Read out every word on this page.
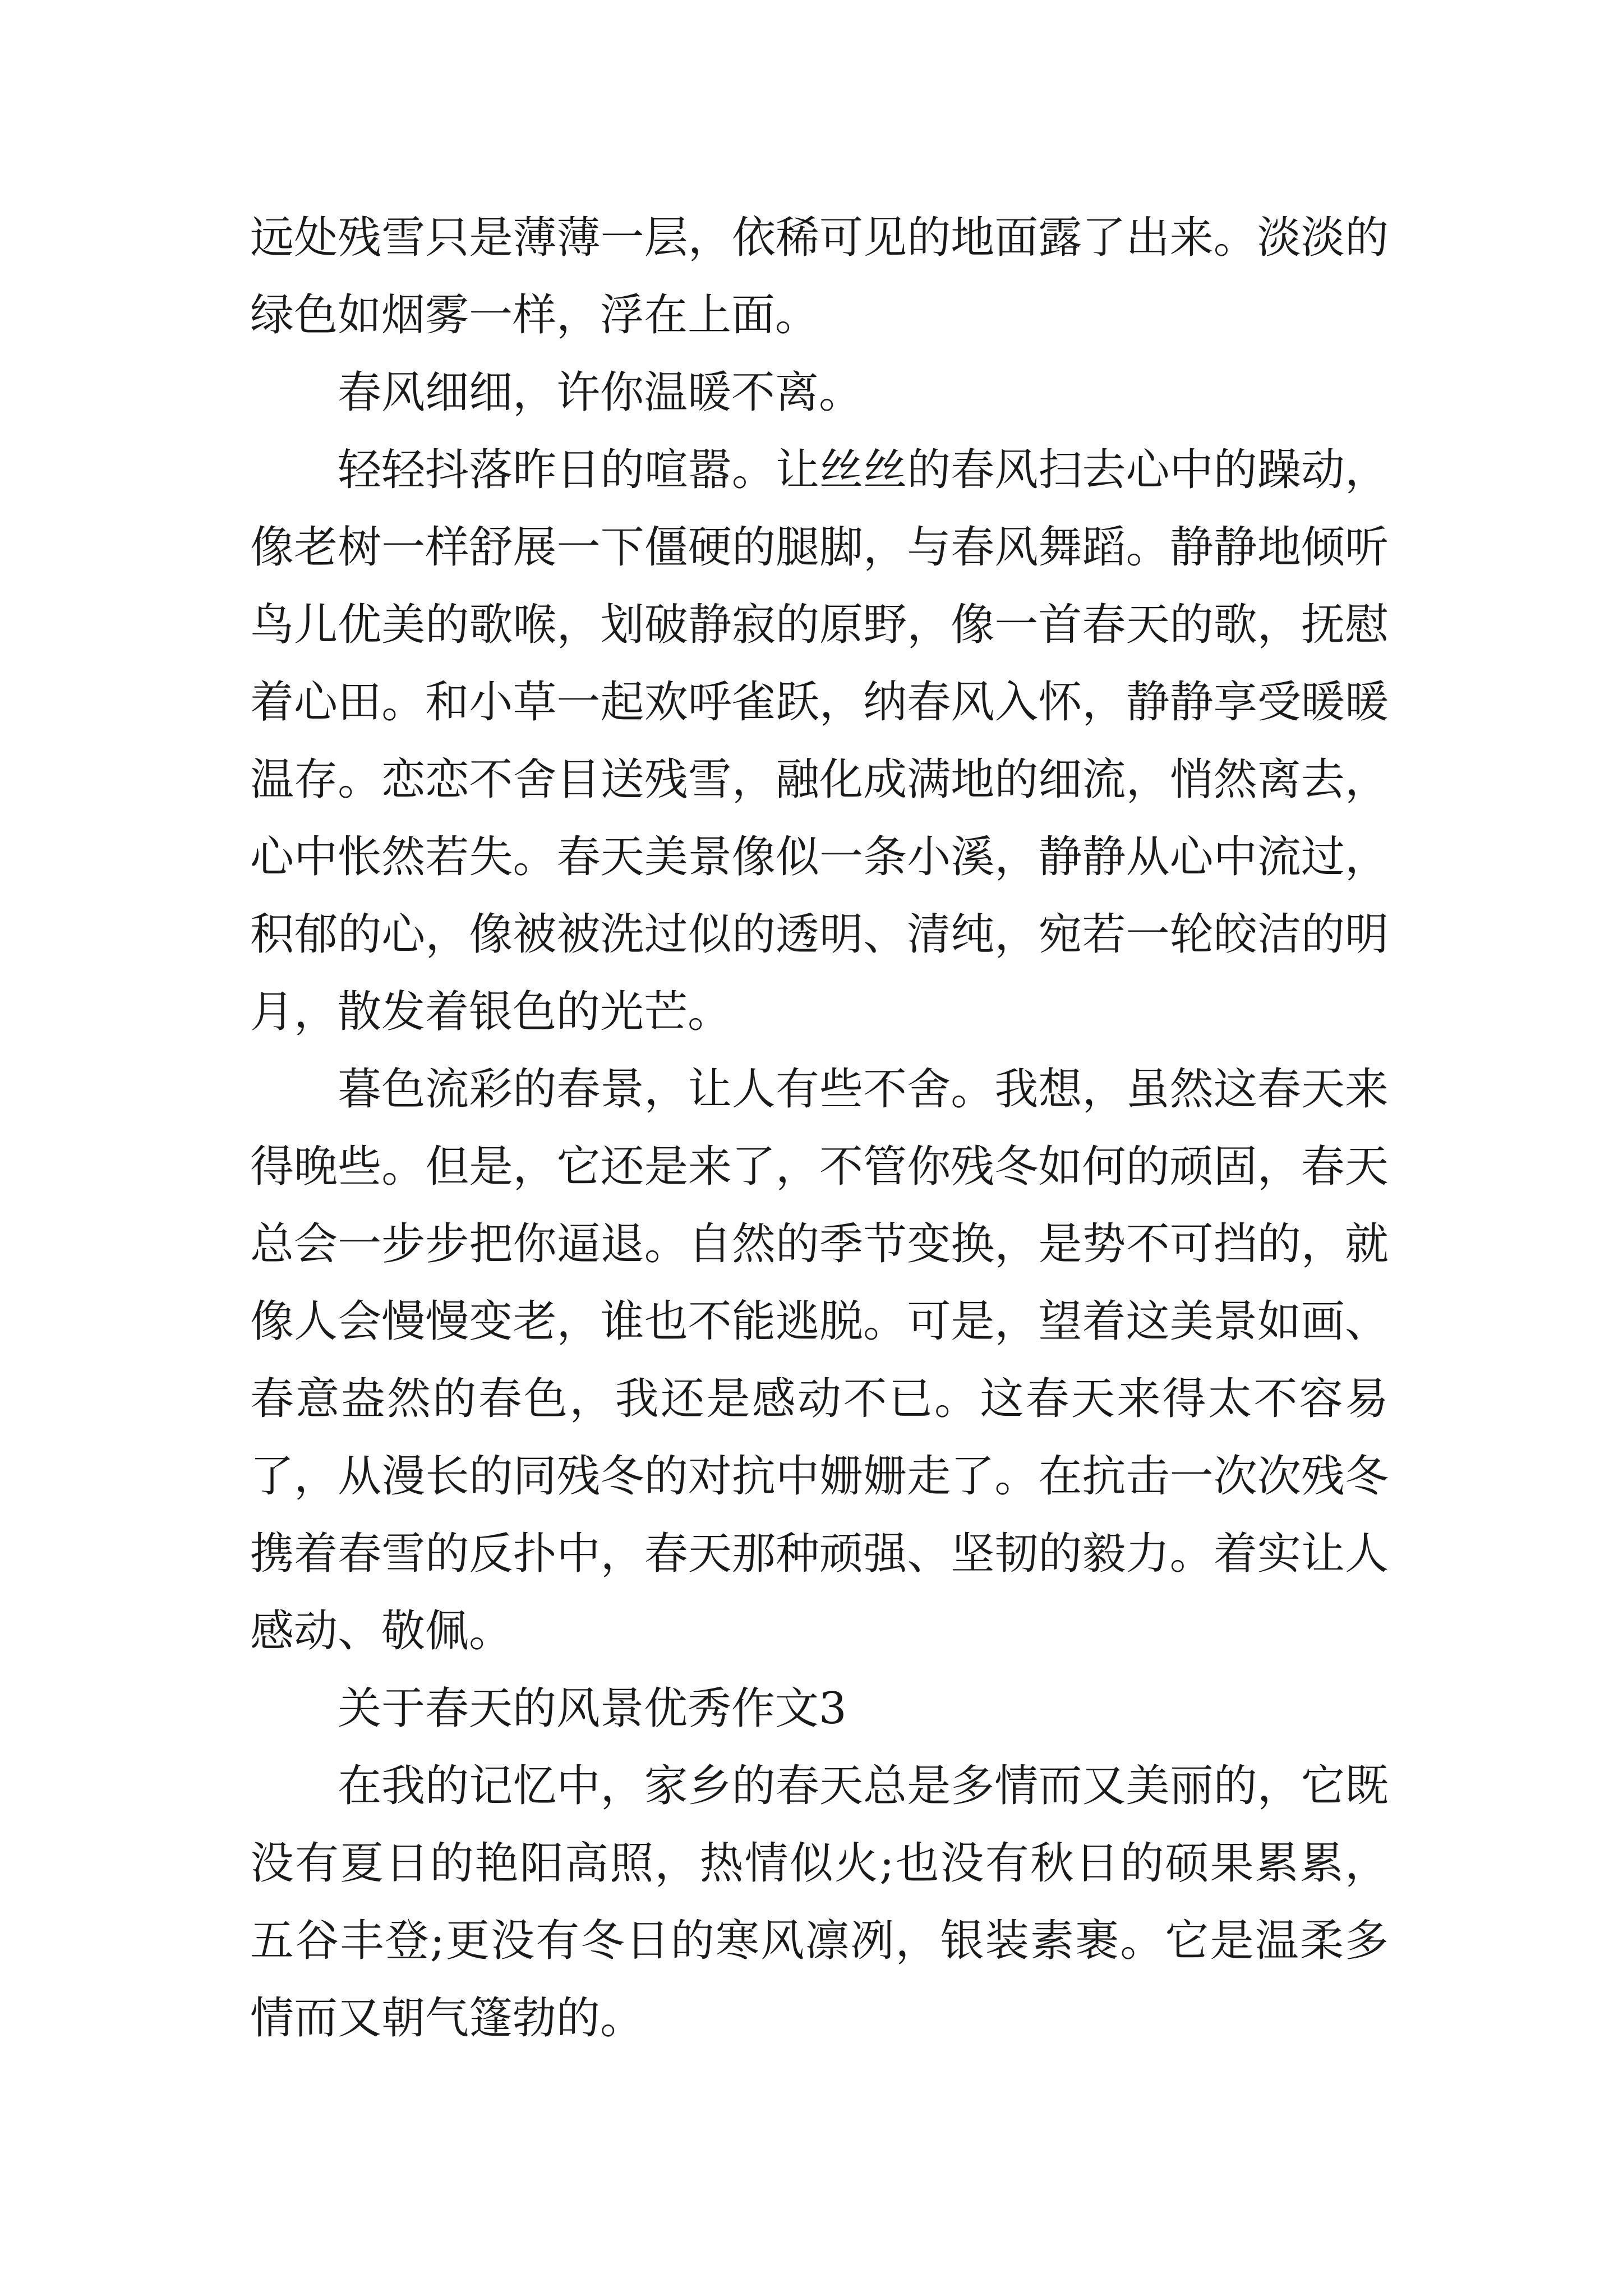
远处残雪只是薄薄一层，依稀可见的地面露了出来。淡淡的绿色如烟雾一样，浮在上面。

春风细细，许你温暖不离。

轻轻抖落昨日的喧嚣。让丝丝的春风扫去心中的躁动，像老树一样舒展一下僵硬的腿脚，与春风舞蹈。静静地倾听鸟儿优美的歌喉，划破静寂的原野，像一首春天的歌，抚慰着心田。和小草一起欢呼雀跃，纳春风入怀，静静享受暖暖温存。恋恋不舍目送残雪，融化成满地的细流，悄然离去，心中怅然若失。春天美景像似一条小溪，静静从心中流过，积郁的心，像被被洗过似的透明、清纯，宛若一轮皎洁的明月，散发着银色的光芒。

暮色流彩的春景，让人有些不舍。我想，虽然这春天来得晚些。但是，它还是来了，不管你残冬如何的顽固，春天总会一步步把你逼退。自然的季节变换，是势不可挡的，就像人会慢慢变老，谁也不能逃脱。可是，望着这美景如画、春意盎然的春色，我还是感动不已。这春天来得太不容易了，从漫长的同残冬的对抗中姗姗走了。在抗击一次次残冬携着春雪的反扑中，春天那种顽强、坚韧的毅力。着实让人感动、敬佩。

关于春天的风景优秀作文3

在我的记忆中，家乡的春天总是多情而又美丽的，它既没有夏日的艳阳高照，热情似火;也没有秋日的硕果累累，五谷丰登;更没有冬日的寒风凛冽，银装素裹。它是温柔多情而又朝气篷勃的。
